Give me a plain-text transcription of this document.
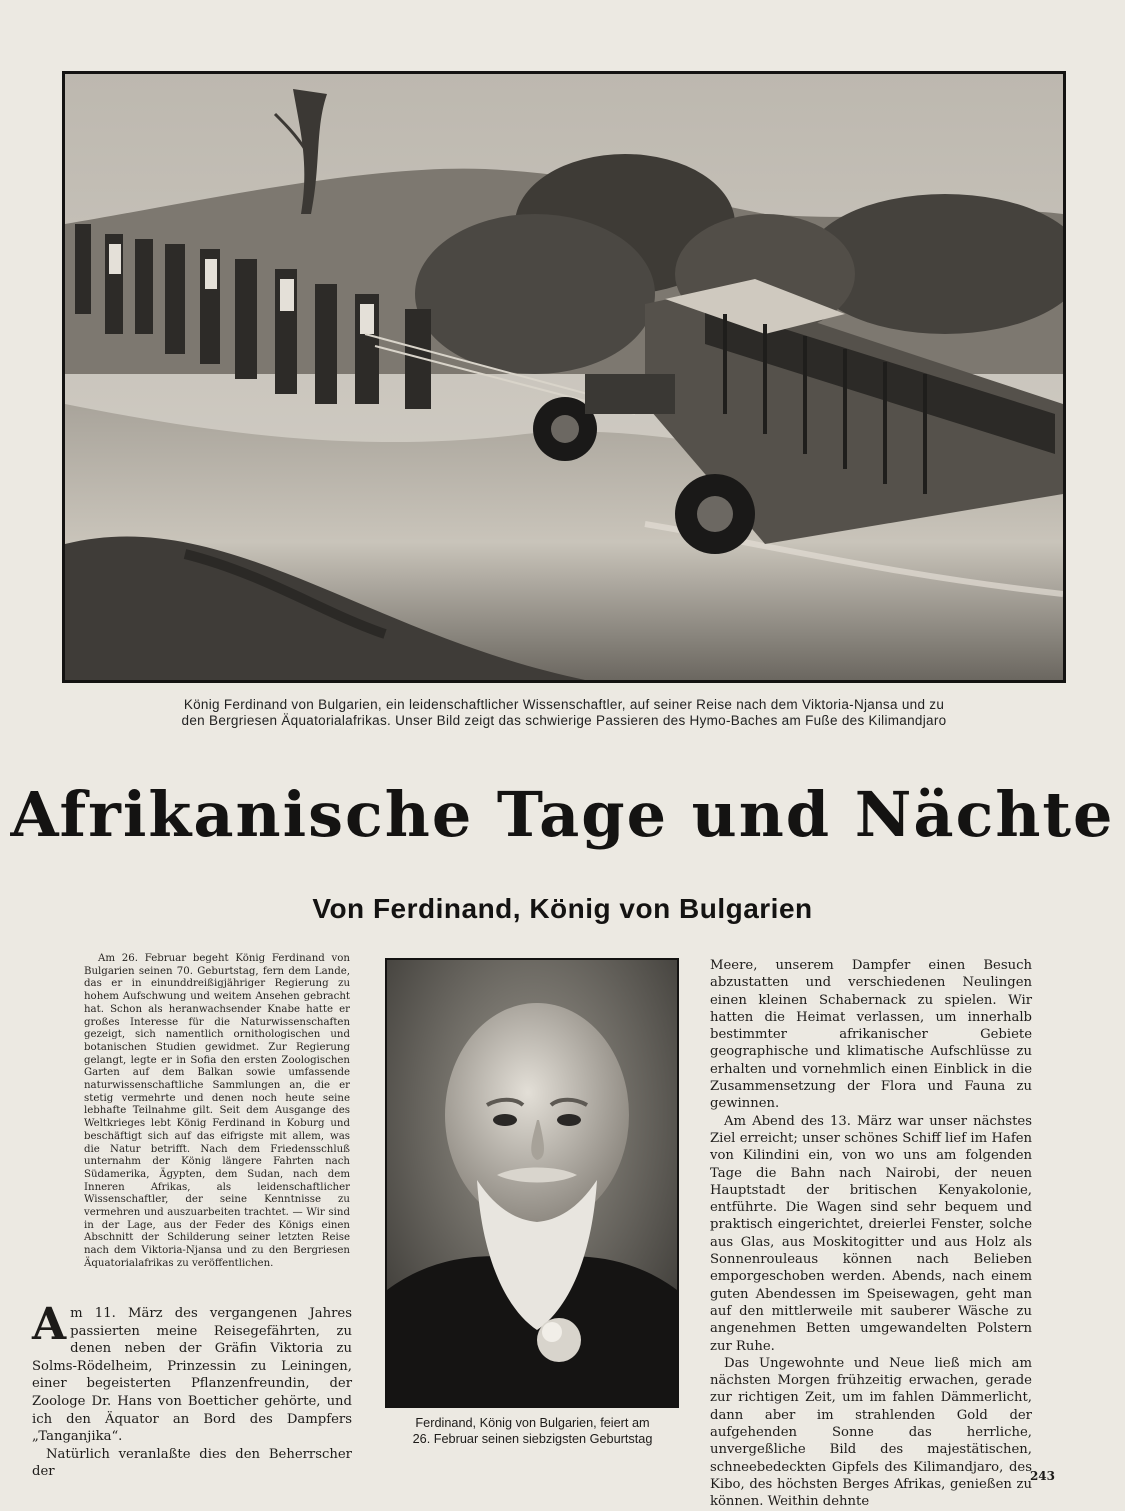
König Ferdinand von Bulgarien, ein leidenschaftlicher Wissenschaftler, auf seiner Reise nach dem Viktoria-Njansa und zu
den Bergriesen Äquatorialafrikas. Unser Bild zeigt das schwierige Passieren des Hymo-Baches am Fuße des Kilimandjaro
Afrikanische Tage und Nächte
Von Ferdinand, König von Bulgarien
Am 26. Februar begeht König Ferdinand von Bulgarien seinen 70. Geburtstag, fern dem Lande, das er in einunddreißigjähriger Regierung zu hohem Aufschwung und weitem Ansehen gebracht hat. Schon als heranwachsender Knabe hatte er großes Interesse für die Naturwissenschaften gezeigt, sich namentlich ornithologischen und botanischen Studien gewidmet. Zur Regierung gelangt, legte er in Sofia den ersten Zoologischen Garten auf dem Balkan sowie umfassende naturwissenschaftliche Sammlungen an, die er stetig vermehrte und denen noch heute seine lebhafte Teilnahme gilt. Seit dem Ausgange des Weltkrieges lebt König Ferdinand in Koburg und beschäftigt sich auf das eifrigste mit allem, was die Natur betrifft. Nach dem Friedensschluß unternahm der König längere Fahrten nach Südamerika, Ägypten, dem Sudan, nach dem Inneren Afrikas, als leidenschaftlicher Wissenschaftler, der seine Kenntnisse zu vermehren und auszuarbeiten trachtet. — Wir sind in der Lage, aus der Feder des Königs einen Abschnitt der Schilderung seiner letzten Reise nach dem Viktoria-Njansa und zu den Bergriesen Äquatorialafrikas zu veröffentlichen.

Am 11. März des vergangenen Jahres passierten meine Reisegefährten, zu denen neben der Gräfin Viktoria zu Solms-Rödelheim, Prinzessin zu Leiningen, einer begeisterten Pflanzenfreundin, der Zoologe Dr. Hans von Boetticher gehörte, und ich den Äquator an Bord des Dampfers „Tanganjika“.

Natürlich veranlaßte dies den Beherrscher der

Ferdinand, König von Bulgarien, feiert am
26. Februar seinen siebzigsten Geburtstag

Meere, unserem Dampfer einen Besuch abzustatten und verschiedenen Neulingen einen kleinen Schabernack zu spielen. Wir hatten die Heimat verlassen, um innerhalb bestimmter afrikanischer Gebiete geographische und klimatische Aufschlüsse zu erhalten und vornehmlich einen Einblick in die Zusammensetzung der Flora und Fauna zu gewinnen.

Am Abend des 13. März war unser nächstes Ziel erreicht; unser schönes Schiff lief im Hafen von Kilindini ein, von wo uns am folgenden Tage die Bahn nach Nairobi, der neuen Hauptstadt der britischen Kenyakolonie, entführte. Die Wagen sind sehr bequem und praktisch eingerichtet, dreierlei Fenster, solche aus Glas, aus Moskitogitter und aus Holz als Sonnenrouleaus können nach Belieben emporgeschoben werden. Abends, nach einem guten Abendessen im Speisewagen, geht man auf den mittlerweile mit sauberer Wäsche zu angenehmen Betten umgewandelten Polstern zur Ruhe.

Das Ungewohnte und Neue ließ mich am nächsten Morgen frühzeitig erwachen, gerade zur richtigen Zeit, um im fahlen Dämmerlicht, dann aber im strahlenden Gold der aufgehenden Sonne das herrliche, unvergeßliche Bild des majestätischen, schneebedeckten Gipfels des Kilimandjaro, des Kibo, des höchsten Berges Afrikas, genießen zu können. Weithin dehnte

243
